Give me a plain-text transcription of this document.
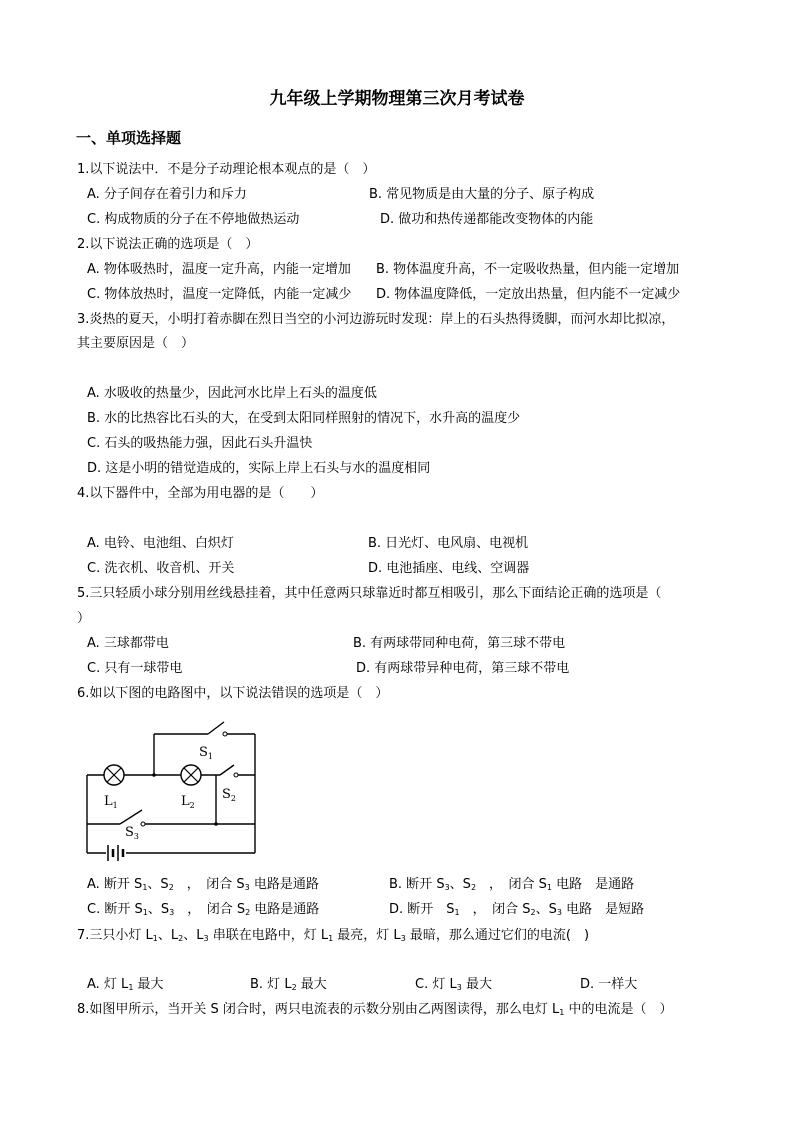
九年级上学期物理第三次月考试卷
一、单项选择题
1.以下说法中．不是分子动理论根本观点的是（　）
A. 分子间存在着引力和斥力	B. 常见物质是由大量的分子、原子构成
C. 构成物质的分子在不停地做热运动	D. 做功和热传递都能改变物体的内能
2.以下说法正确的选项是（　）
A. 物体吸热时，温度一定升高，内能一定增加 B. 物体温度升高，不一定吸收热量，但内能一定增加
C. 物体放热时，温度一定降低，内能一定减少 D. 物体温度降低，一定放出热量，但内能不一定减少
3.炎热的夏天，小明打着赤脚在烈日当空的小河边游玩时发现：岸上的石头热得烫脚，而河水却比拟凉，
其主要原因是（　）
A. 水吸收的热量少，因此河水比岸上石头的温度低
B. 水的比热容比石头的大，在受到太阳同样照射的情况下，水升高的温度少
C. 石头的吸热能力强，因此石头升温快
D. 这是小明的错觉造成的，实际上岸上石头与水的温度相同
4.以下器件中，全部为用电器的是（　　）
A. 电铃、电池组、白炽灯	B. 日光灯、电风扇、电视机
C. 洗衣机、收音机、开关	D. 电池插座、电线、空调器
5.三只轻质小球分别用丝线悬挂着，其中任意两只球靠近时都互相吸引，那么下面结论正确的选项是（
）
A. 三球都带电	B. 有两球带同种电荷，第三球不带电
C. 只有一球带电	D. 有两球带异种电荷，第三球不带电
6.如以下图的电路图中，以下说法错误的选项是（　）
$S_1$
$S_2$
$S_3$
$L_1$	$L_2$
A. 断开 $S_1$、$S_2$　，　闭合 $S_3$ 电路是通路	B. 断开 $S_3$、$S_2$　，　闭合 $S_1$ 电路　是通路
C. 断开 $S_1$、$S_3$　，　闭合 $S_2$ 电路是通路	D. 断开　$S_1$　，　闭合 $S_2$、$S_3$ 电路　是短路
7.三只小灯 $L_1$、$L_2$、$L_3$ 串联在电路中，灯 $L_1$ 最亮，灯 $L_3$ 最暗，那么通过它们的电流(　)
A. 灯 $L_1$ 最大	B. 灯 $L_2$ 最大	C. 灯 $L_3$ 最大	D. 一样大
8.如图甲所示，当开关 S 闭合时，两只电流表的示数分别由乙两图读得，那么电灯 $L_1$ 中的电流是（　）
